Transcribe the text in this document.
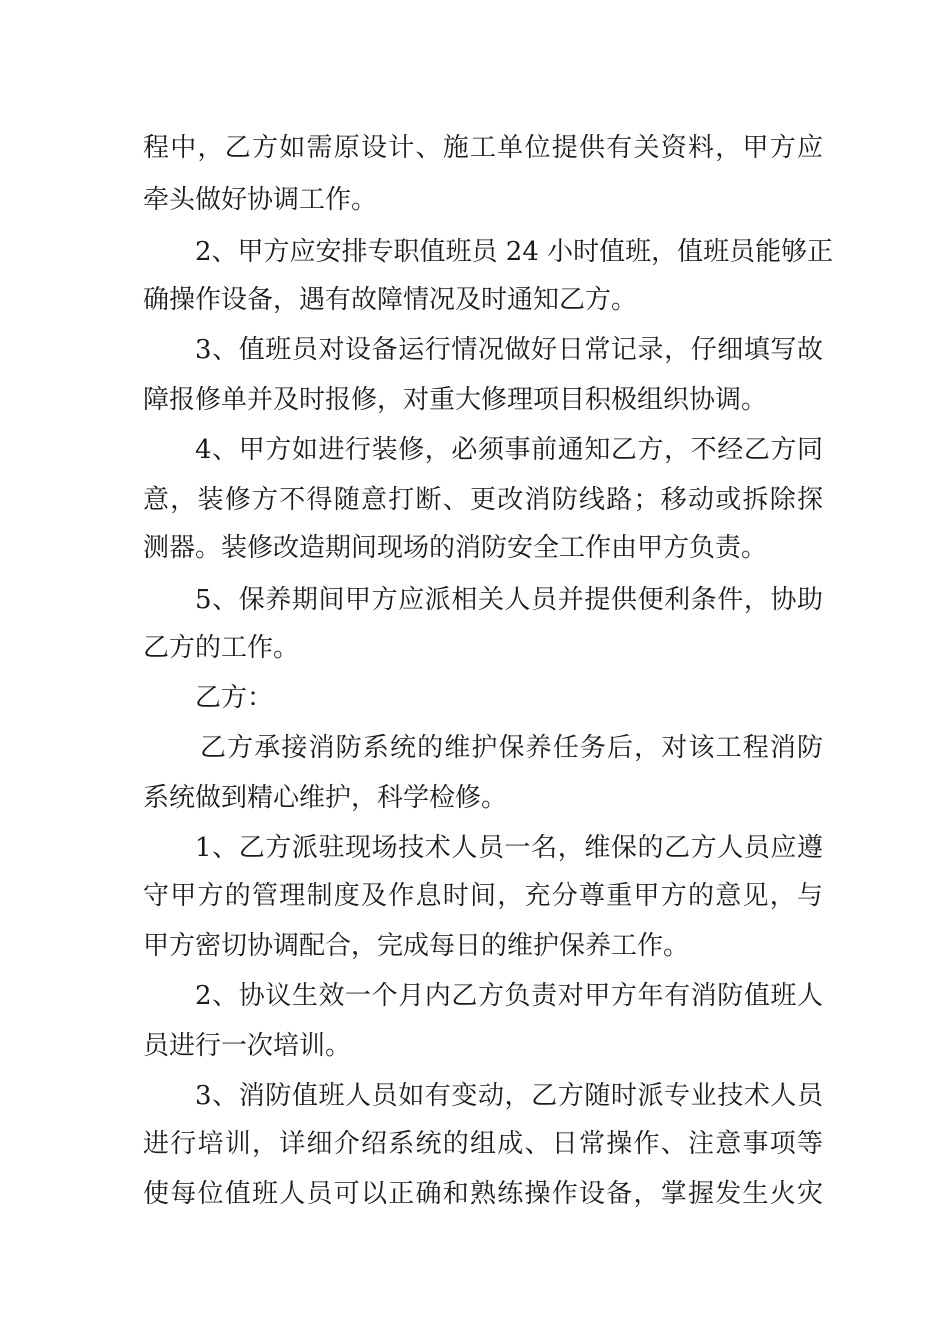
程中，乙方如需原设计、施工单位提供有关资料，甲方应
牵头做好协调工作。
2、甲方应安排专职值班员 24 小时值班，值班员能够正
确操作设备，遇有故障情况及时通知乙方。
3、值班员对设备运行情况做好日常记录，仔细填写故
障报修单并及时报修，对重大修理项目积极组织协调。
4、甲方如进行装修，必须事前通知乙方，不经乙方同
意，装修方不得随意打断、更改消防线路；移动或拆除探
测器。装修改造期间现场的消防安全工作由甲方负责。
5、保养期间甲方应派相关人员并提供便利条件，协助
乙方的工作。
乙方：
乙方承接消防系统的维护保养任务后，对该工程消防
系统做到精心维护，科学检修。
1、乙方派驻现场技术人员一名，维保的乙方人员应遵
守甲方的管理制度及作息时间，充分尊重甲方的意见，与
甲方密切协调配合，完成每日的维护保养工作。
2、协议生效一个月内乙方负责对甲方年有消防值班人
员进行一次培训。
3、消防值班人员如有变动，乙方随时派专业技术人员
进行培训，详细介绍系统的组成、日常操作、注意事项等
使每位值班人员可以正确和熟练操作设备，掌握发生火灾
